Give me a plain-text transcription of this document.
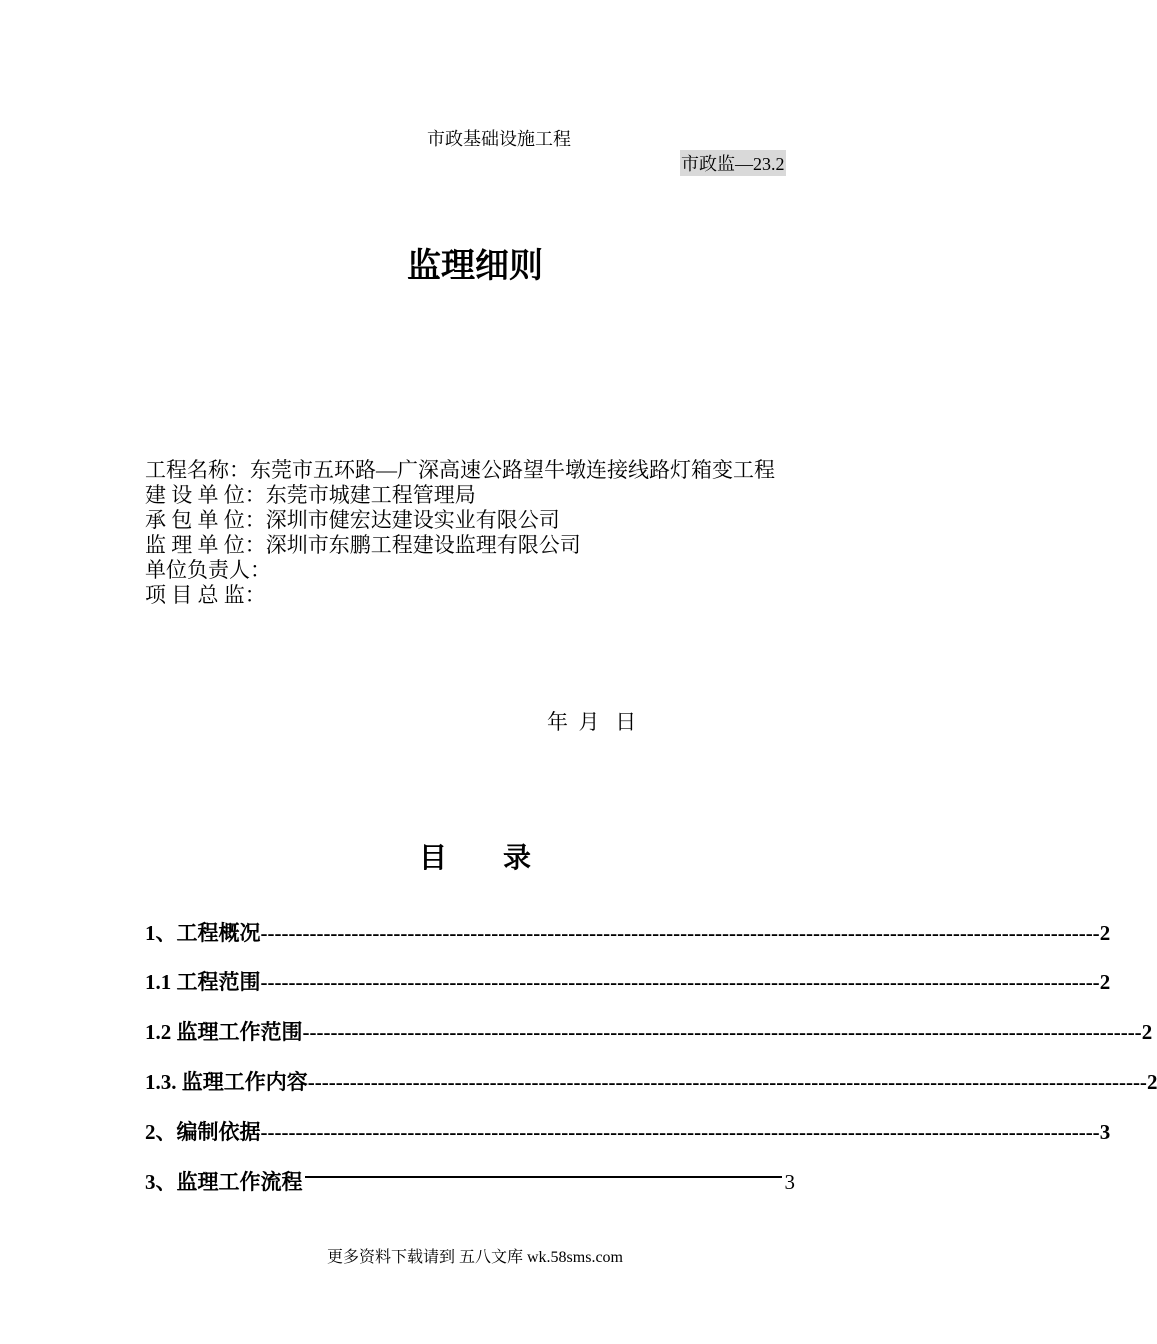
市政基础设施工程
市政监—23.2
监理细则
工程名称：东莞市五环路—广深高速公路望牛墩连接线路灯箱变工程
建 设 单 位：东莞市城建工程管理局
承 包 单 位：深圳市健宏达建设实业有限公司
监 理 单 位：深圳市东鹏工程建设监理有限公司
单位负责人：
项 目 总 监：
年  月   日
目        录
1、工程概况 ------------------------------------------------------------------------------------------------------------------------ 2
1.1 工程范围 ------------------------------------------------------------------------------------------------------------------------ 2
1.2 监理工作范围 ------------------------------------------------------------------------------------------------------------------------ 2
1.3. 监理工作内容 ------------------------------------------------------------------------------------------------------------------------ 2
2、编制依据 ------------------------------------------------------------------------------------------------------------------------ 3
3、监理工作流程	3
更多资料下载请到 五八文库 wk.58sms.com
